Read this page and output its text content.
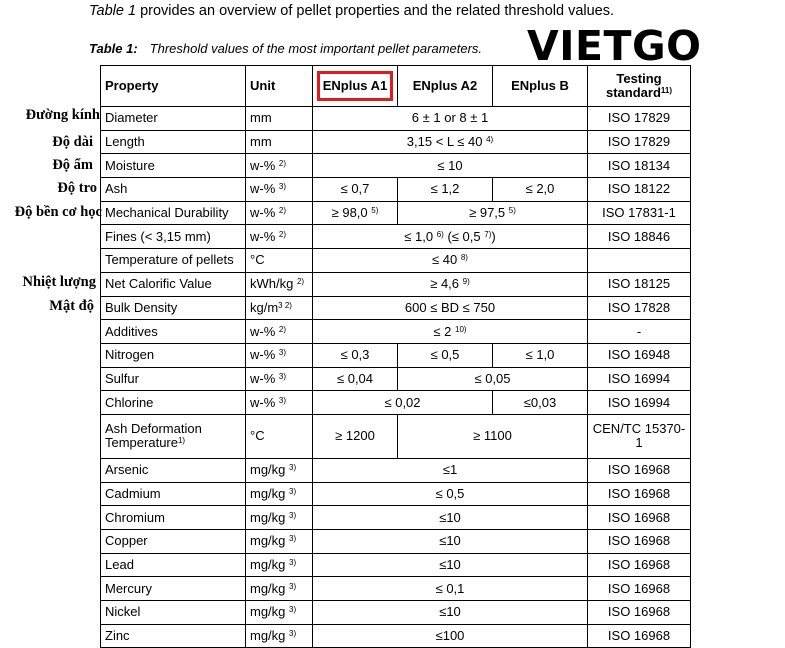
Table 1 provides an overview of pellet properties and the related threshold values.
Table 1: Threshold values of the most important pellet parameters. VIETGO
Đường kính
Độ dài
Độ ẩm
Độ tro
Độ bền cơ học
Nhiệt lượng
Mật độ
Property	Unit	ENplus A1	ENplus A2	ENplus B	Testing standard$^{11)}$
Diameter	mm	6 ± 1 or 8 ± 1			ISO 17829
Length	mm	3,15 < L ≤ 40 $^{4)}$			ISO 17829
Moisture	w-% $^{2)}$	≤ 10			ISO 18134
Ash	w-% $^{3)}$	≤ 0,7	≤ 1,2	≤ 2,0	ISO 18122
Mechanical Durability	w-% $^{2)}$	≥ 98,0 $^{5)}$	≥ 97,5 $^{5)}$		ISO 17831-1
Fines (< 3,15 mm)	w-% $^{2)}$	≤ 1,0 $^{6)}$ (≤ 0,5 $^{7)}$)			ISO 18846
Temperature of pellets	°C	≤ 40 $^{8)}$	
Net Calorific Value	kWh/kg $^{2)}$	≥ 4,6 $^{9)}$			ISO 18125
Bulk Density	$kg/m^{3 2)}$	600 ≤ BD ≤ 750			ISO 17828
Additives	w-% $^{2)}$	≤ 2 $^{10)}$			-
Nitrogen	w-% $^{3)}$	≤ 0,3	≤ 0,5	≤ 1,0	ISO 16948
Sulfur	w-% $^{3)}$	≤ 0,04	≤ 0,05		ISO 16994
Chlorine	w-% $^{3)}$	≤ 0,02		≤0,03	ISO 16994
Ash Deformation
Temperature$^{1)}$	°C	≥ 1200	≥ 1100		CEN/TC 15370-1
Arsenic	mg/kg $^{3)}$	≤1			ISO 16968
Cadmium	mg/kg $^{3)}$	≤ 0,5			ISO 16968
Chromium	mg/kg $^{3)}$	≤10			ISO 16968
Copper	mg/kg $^{3)}$	≤10			ISO 16968
Lead	mg/kg $^{3)}$	≤10			ISO 16968
Mercury	mg/kg $^{3)}$	≤ 0,1			ISO 16968
Nickel	mg/kg $^{3)}$	≤10			ISO 16968
Zinc	mg/kg $^{3)}$	≤100			ISO 16968
